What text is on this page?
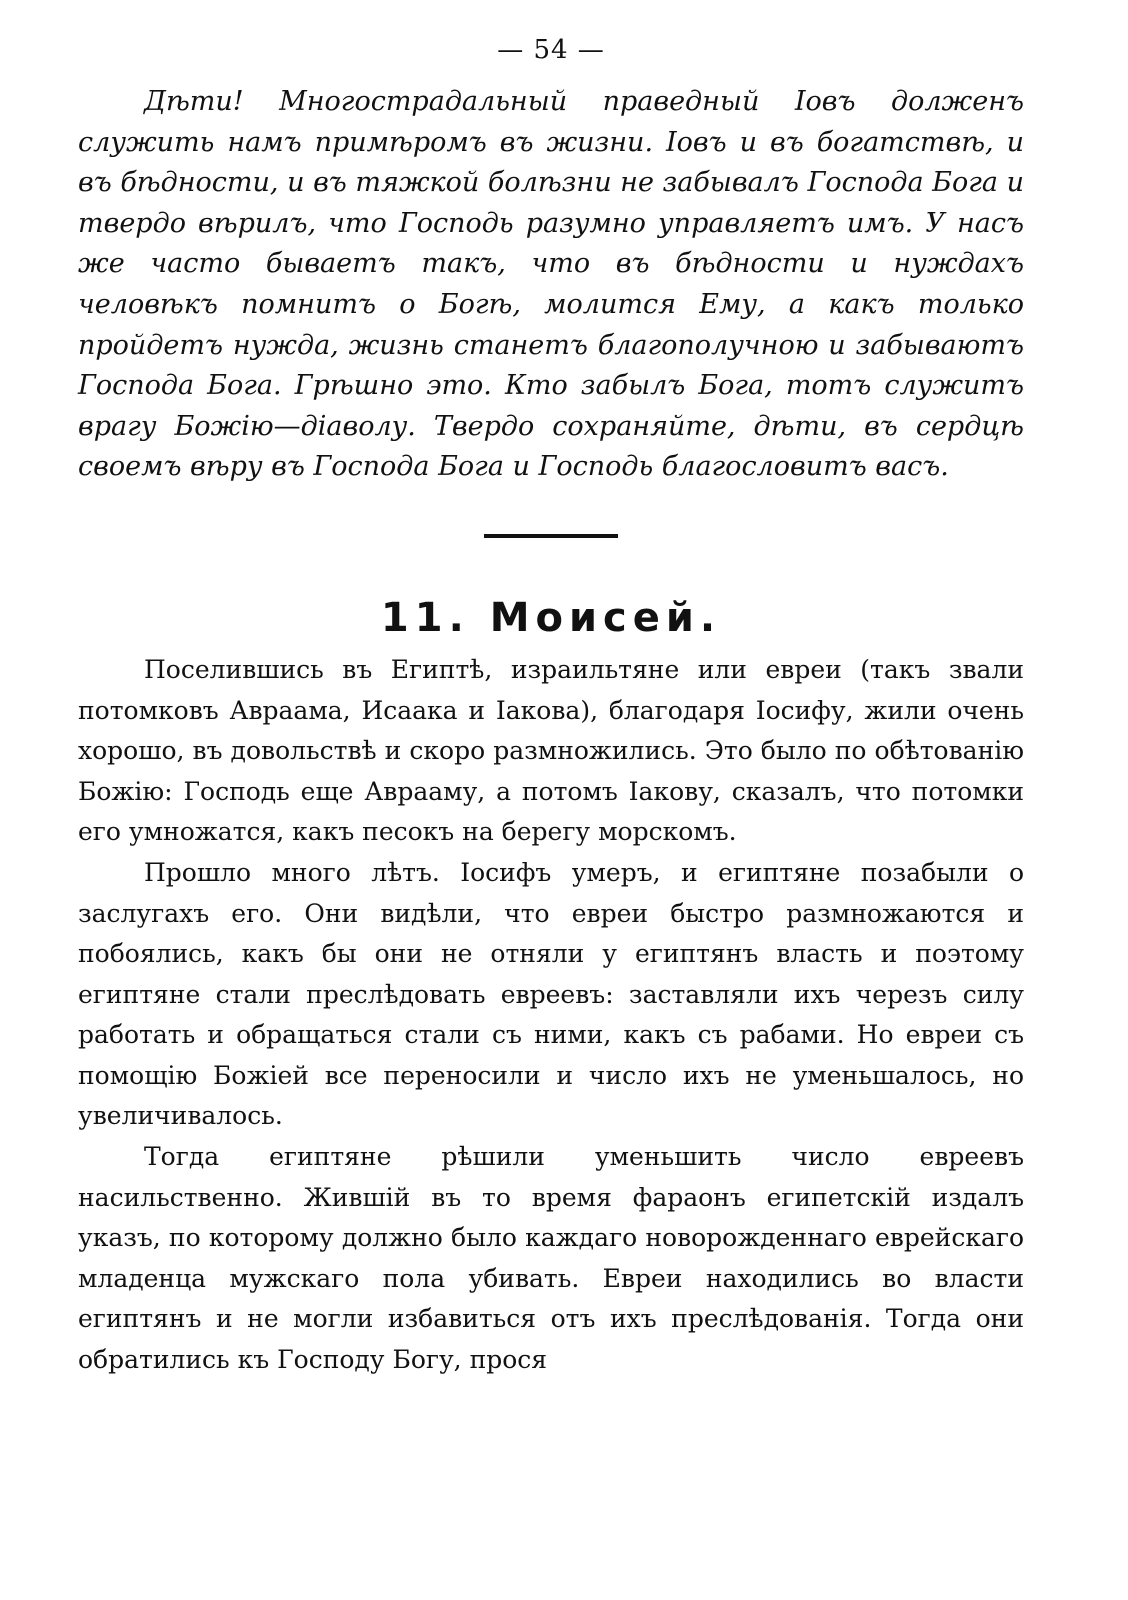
— 54 —

Дѣти! Многострадальный праведный Іовъ долженъ служить намъ примѣромъ въ жизни. Іовъ и въ богатствѣ, и въ бѣдности, и въ тяжкой болѣзни не забывалъ Господа Бога и твердо вѣрилъ, что Господь разумно управляетъ имъ. У насъ же часто бываетъ такъ, что въ бѣдности и нуждахъ человѣкъ помнитъ о Богѣ, молится Ему, а какъ только пройдетъ нужда, жизнь станетъ благополучною и забываютъ Господа Бога. Грѣшно это. Кто забылъ Бога, тотъ служитъ врагу Божію—діаволу. Твердо сохраняйте, дѣти, въ сердцѣ своемъ вѣру въ Господа Бога и Господь благословитъ васъ.

11. Моисей.

Поселившись въ Египтѣ, израильтяне или евреи (такъ звали потомковъ Авраама, Исаака и Іакова), благодаря Іосифу, жили очень хорошо, въ довольствѣ и скоро размножились. Это было по обѣтованію Божію: Господь еще Аврааму, а потомъ Іакову, сказалъ, что потомки его умножатся, какъ песокъ на берегу морскомъ.

Прошло много лѣтъ. Іосифъ умеръ, и египтяне позабыли о заслугахъ его. Они видѣли, что евреи быстро размножаются и побоялись, какъ бы они не отняли у египтянъ власть и поэтому египтяне стали преслѣдовать евреевъ: заставляли ихъ черезъ силу работать и обращаться стали съ ними, какъ съ рабами. Но евреи съ помощію Божіей все переносили и число ихъ не уменьшалось, но увеличивалось.

Тогда египтяне рѣшили уменьшить число евреевъ насильственно. Жившій въ то время фараонъ египетскій издалъ указъ, по которому должно было каждаго новорожденнаго еврейскаго младенца мужскаго пола убивать. Евреи находились во власти египтянъ и не могли избавиться отъ ихъ преслѣдованія. Тогда они обратились къ Господу Богу, прося
